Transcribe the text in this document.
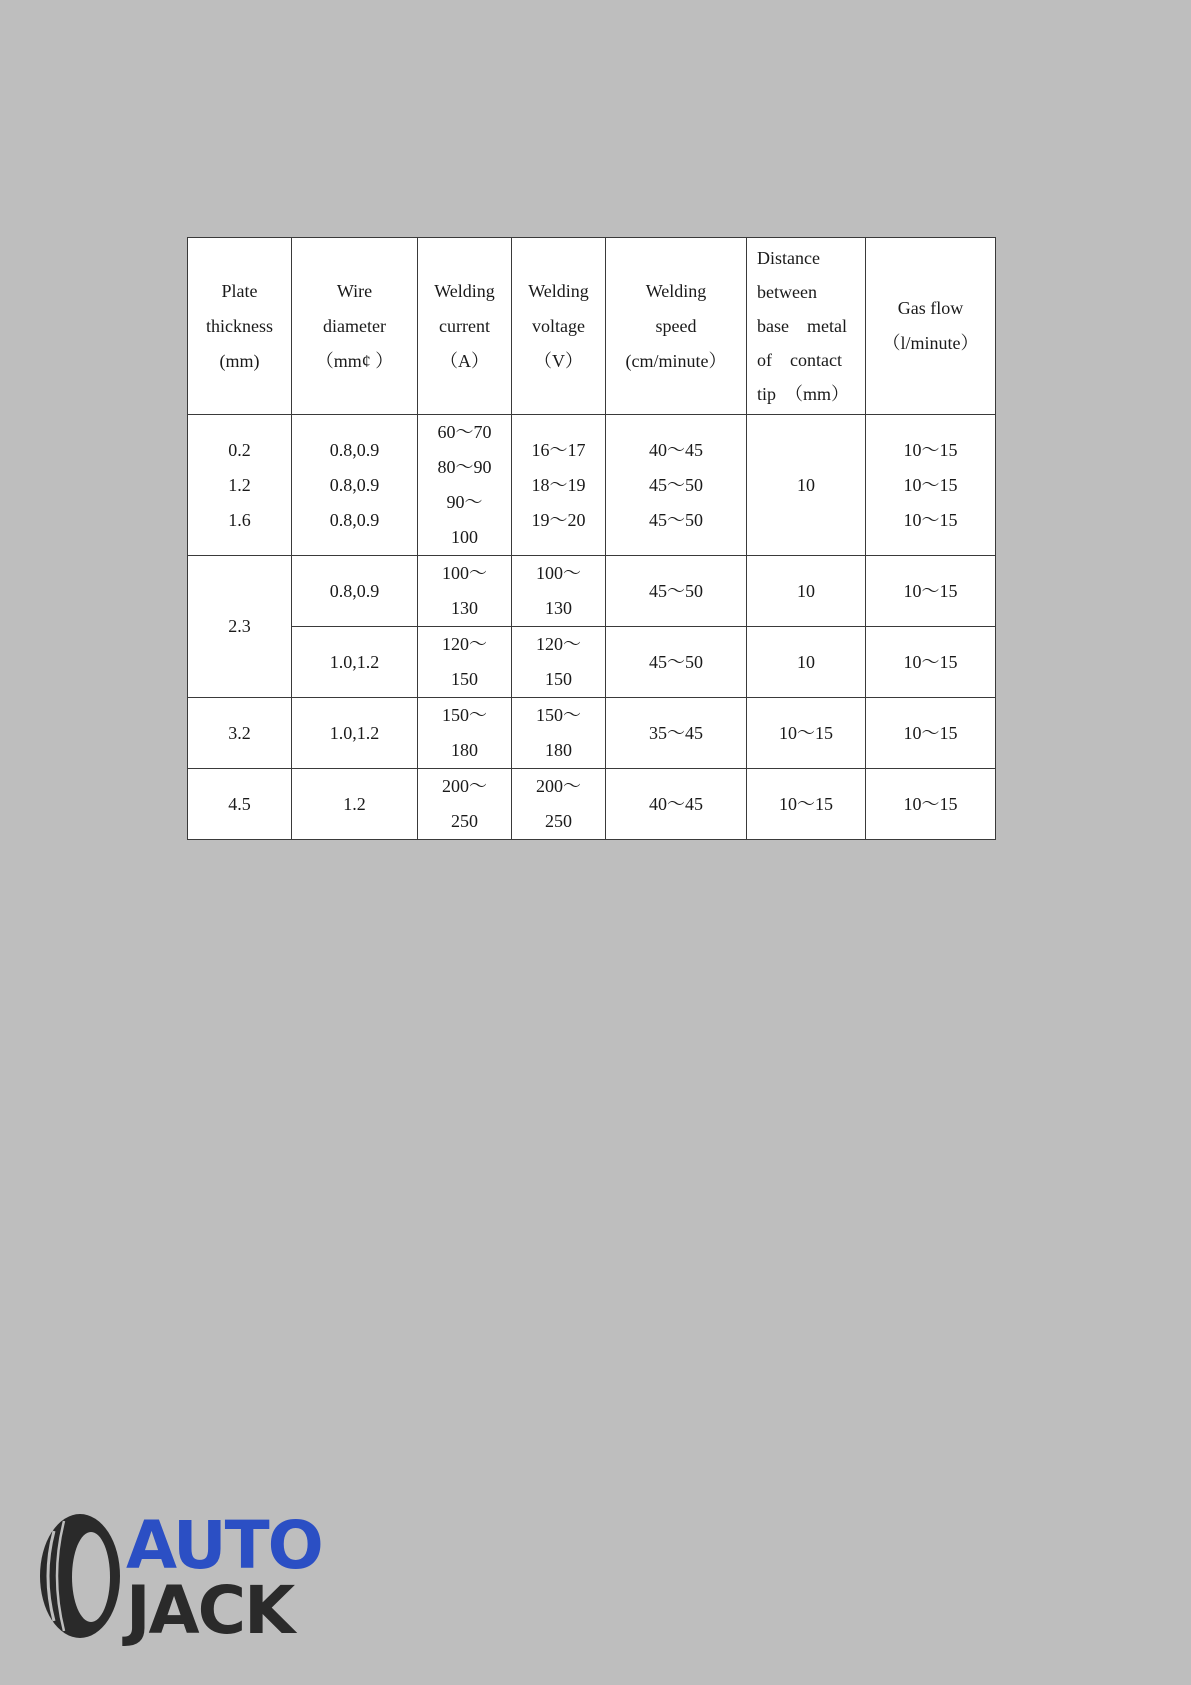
Plate
thickness
(mm)	Wire
diameter
（mm¢ ）	Welding
current
（A）	Welding
voltage
（V）	Welding
speed
(cm/minute）	Distance
between
base　metal
of　contact
tip　（mm）	Gas flow
（l/minute）
0.2
1.2
1.6	0.8,0.9
0.8,0.9
0.8,0.9	60～70
80～90
90～
100	16～17
18～19
19～20	40～45
45～50
45～50	10	10～15
10～15
10～15
2.3	0.8,0.9	100～
130	100～
130	45～50	10	10～15
	1.0,1.2	120～
150	120～
150	45～50	10	10～15
3.2	1.0,1.2	150～
180	150～
180	35～45	10～15	10～15
4.5	1.2	200～
250	200～
250	40～45	10～15	10～15
AUTO
JACK
